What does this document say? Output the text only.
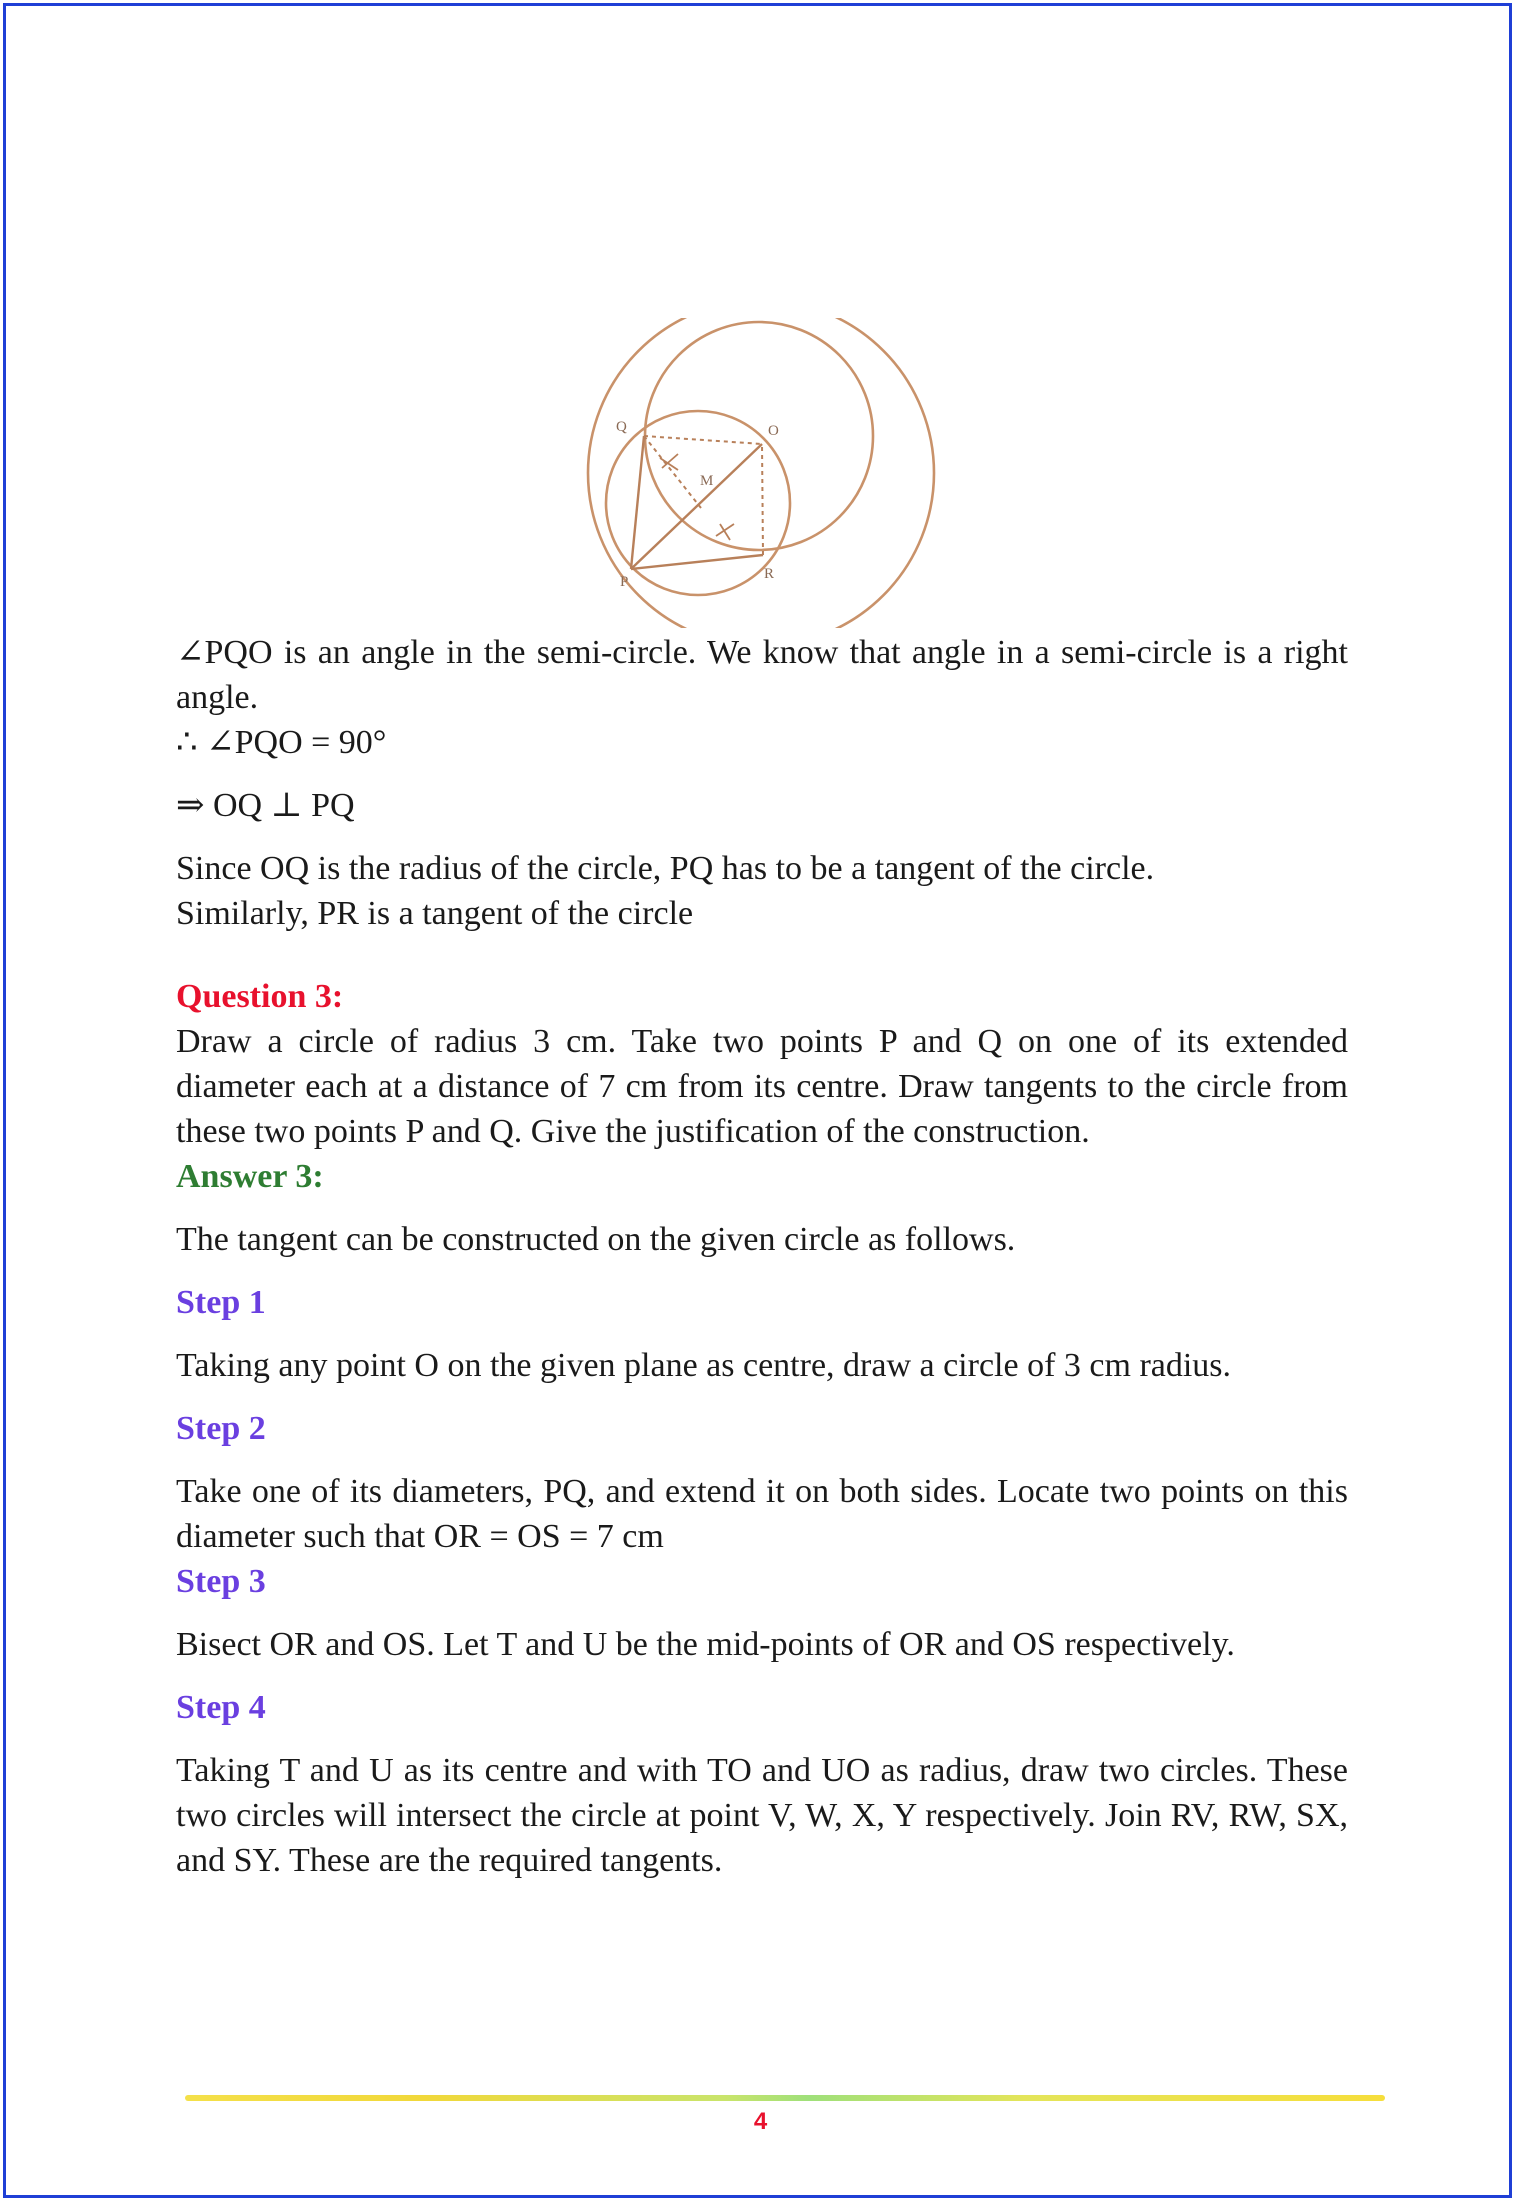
Q	O
M
P	R

∠PQO is an angle in the semi-circle. We know that angle in a semi-circle is a right angle.

∴ ∠PQO = 90°

⇒ OQ ⊥ PQ

Since OQ is the radius of the circle, PQ has to be a tangent of the circle.

Similarly, PR is a tangent of the circle

Question 3:

Draw a circle of radius 3 cm. Take two points P and Q on one of its extended diameter each at a distance of 7 cm from its centre. Draw tangents to the circle from these two points P and Q. Give the justification of the construction.

Answer 3:

The tangent can be constructed on the given circle as follows.

Step 1

Taking any point O on the given plane as centre, draw a circle of 3 cm radius.

Step 2

Take one of its diameters, PQ, and extend it on both sides. Locate two points on this diameter such that OR = OS = 7 cm

Step 3

Bisect OR and OS. Let T and U be the mid-points of OR and OS respectively.

Step 4

Taking T and U as its centre and with TO and UO as radius, draw two circles. These two circles will intersect the circle at point V, W, X, Y respectively. Join RV, RW, SX, and SY. These are the required tangents.

4
